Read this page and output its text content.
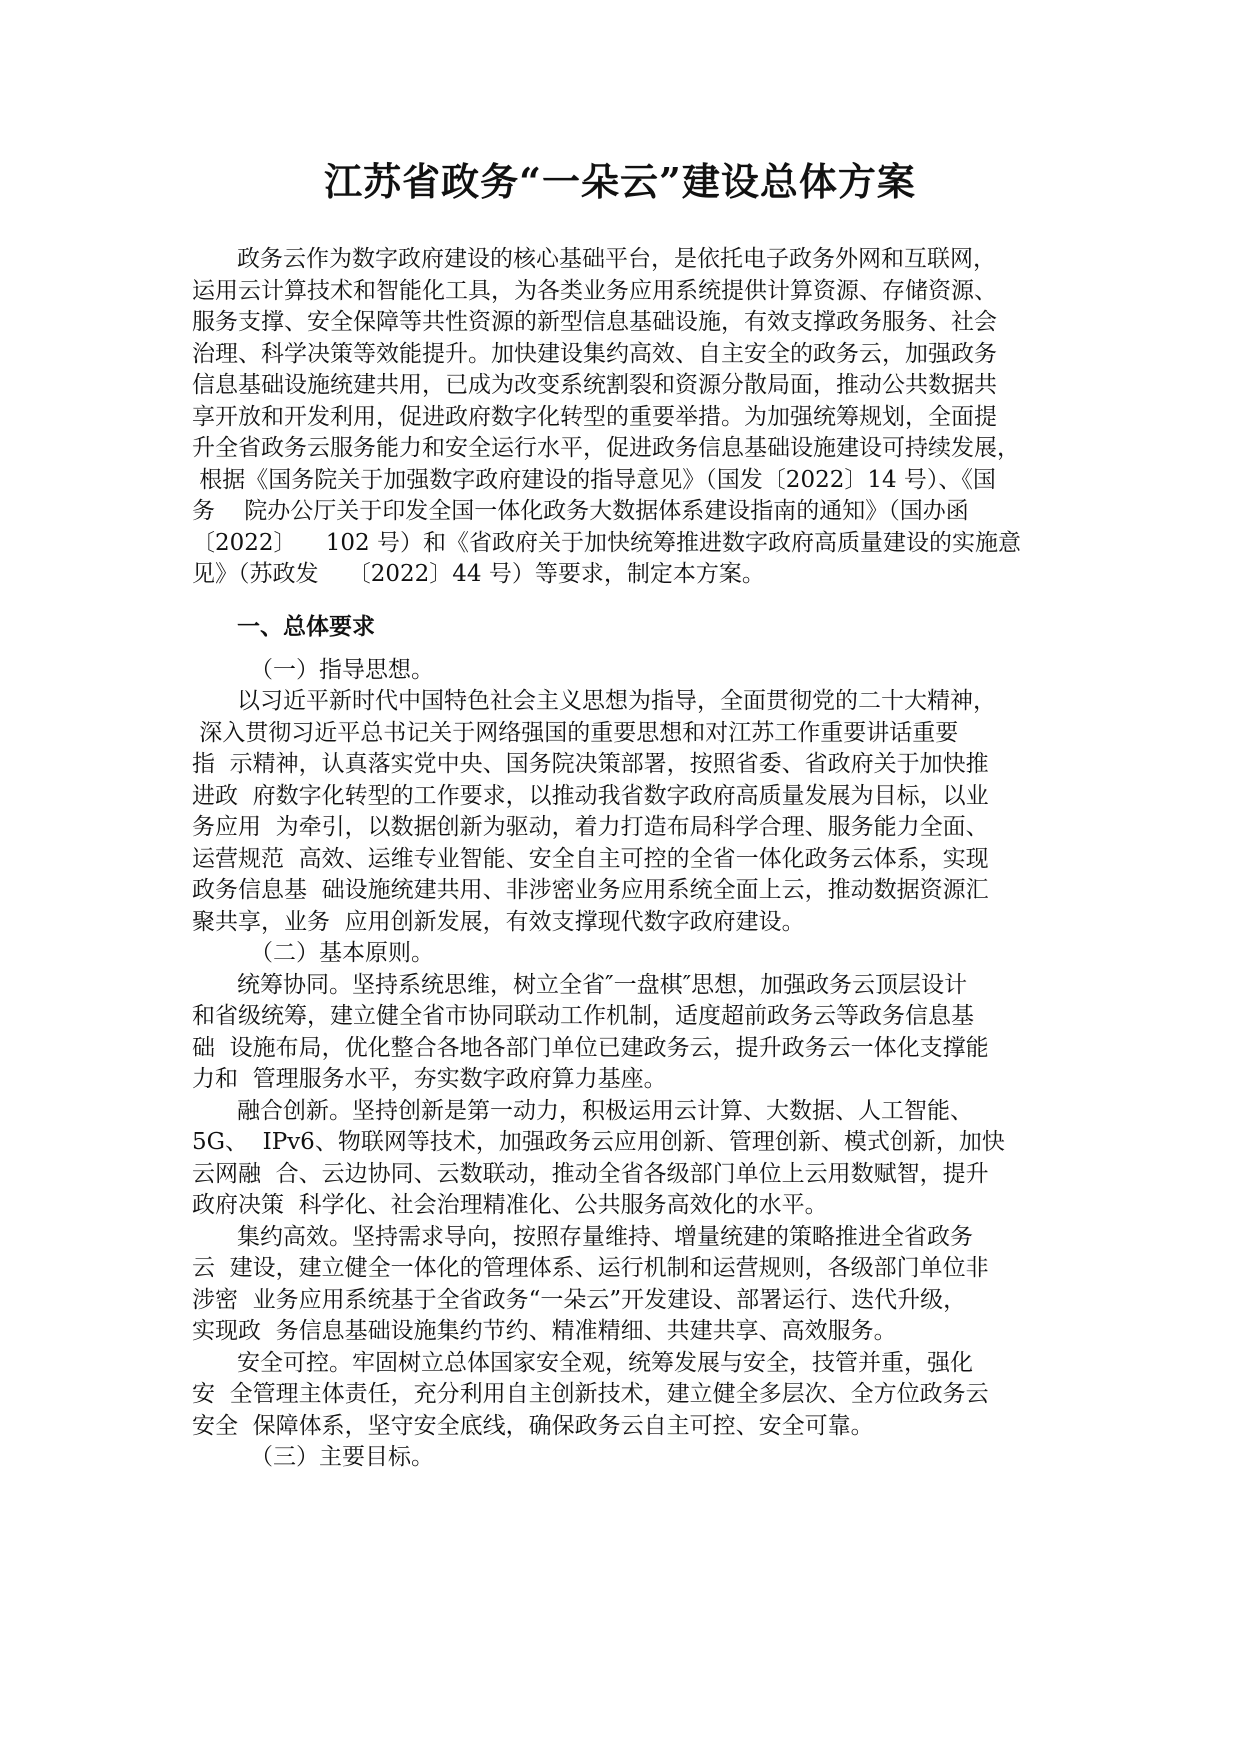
江苏省政务“一朵云”建设总体方案
政务云作为数字政府建设的核心基础平台，是依托电子政务外网和互联网，
运用云计算技术和智能化工具，为各类业务应用系统提供计算资源、存储资源、
服务支撑、安全保障等共性资源的新型信息基础设施，有效支撑政务服务、社会
治理、科学决策等效能提升。加快建设集约高效、自主安全的政务云，加强政务
信息基础设施统建共用，已成为改变系统割裂和资源分散局面，推动公共数据共
享开放和开发利用，促进政府数字化转型的重要举措。为加强统筹规划，全面提
升全省政务云服务能力和安全运行水平，促进政务信息基础设施建设可持续发展，
根据《国务院关于加强数字政府建设的指导意见》（国发〔2022〕14 号）、《国
务    院办公厅关于印发全国一体化政务大数据体系建设指南的通知》（国办函
〔2022〕    102 号）和《省政府关于加快统筹推进数字政府高质量建设的实施意
见》（苏政发    〔2022〕44 号）等要求，制定本方案。
一、总体要求
（一）指导思想。
以习近平新时代中国特色社会主义思想为指导，全面贯彻党的二十大精神，
深入贯彻习近平总书记关于网络强国的重要思想和对江苏工作重要讲话重要
指  示精神，认真落实党中央、国务院决策部署，按照省委、省政府关于加快推
进政  府数字化转型的工作要求，以推动我省数字政府高质量发展为目标，以业
务应用  为牵引，以数据创新为驱动，着力打造布局科学合理、服务能力全面、
运营规范  高效、运维专业智能、安全自主可控的全省一体化政务云体系，实现
政务信息基  础设施统建共用、非涉密业务应用系统全面上云，推动数据资源汇
聚共享，业务  应用创新发展，有效支撑现代数字政府建设。
（二）基本原则。
统筹协同。坚持系统思维，树立全省″一盘棋″思想，加强政务云顶层设计
和省级统筹，建立健全省市协同联动工作机制，适度超前政务云等政务信息基
础  设施布局，优化整合各地各部门单位已建政务云，提升政务云一体化支撑能
力和  管理服务水平，夯实数字政府算力基座。
融合创新。坚持创新是第一动力，积极运用云计算、大数据、人工智能、
5G、  IPv6、物联网等技术，加强政务云应用创新、管理创新、模式创新，加快
云网融  合、云边协同、云数联动，推动全省各级部门单位上云用数赋智，提升
政府决策  科学化、社会治理精准化、公共服务高效化的水平。
集约高效。坚持需求导向，按照存量维持、增量统建的策略推进全省政务
云  建设，建立健全一体化的管理体系、运行机制和运营规则，各级部门单位非
涉密  业务应用系统基于全省政务“一朵云”开发建设、部署运行、迭代升级，
实现政  务信息基础设施集约节约、精准精细、共建共享、高效服务。
安全可控。牢固树立总体国家安全观，统筹发展与安全，技管并重，强化
安  全管理主体责任，充分利用自主创新技术，建立健全多层次、全方位政务云
安全  保障体系，坚守安全底线，确保政务云自主可控、安全可靠。
（三）主要目标。
